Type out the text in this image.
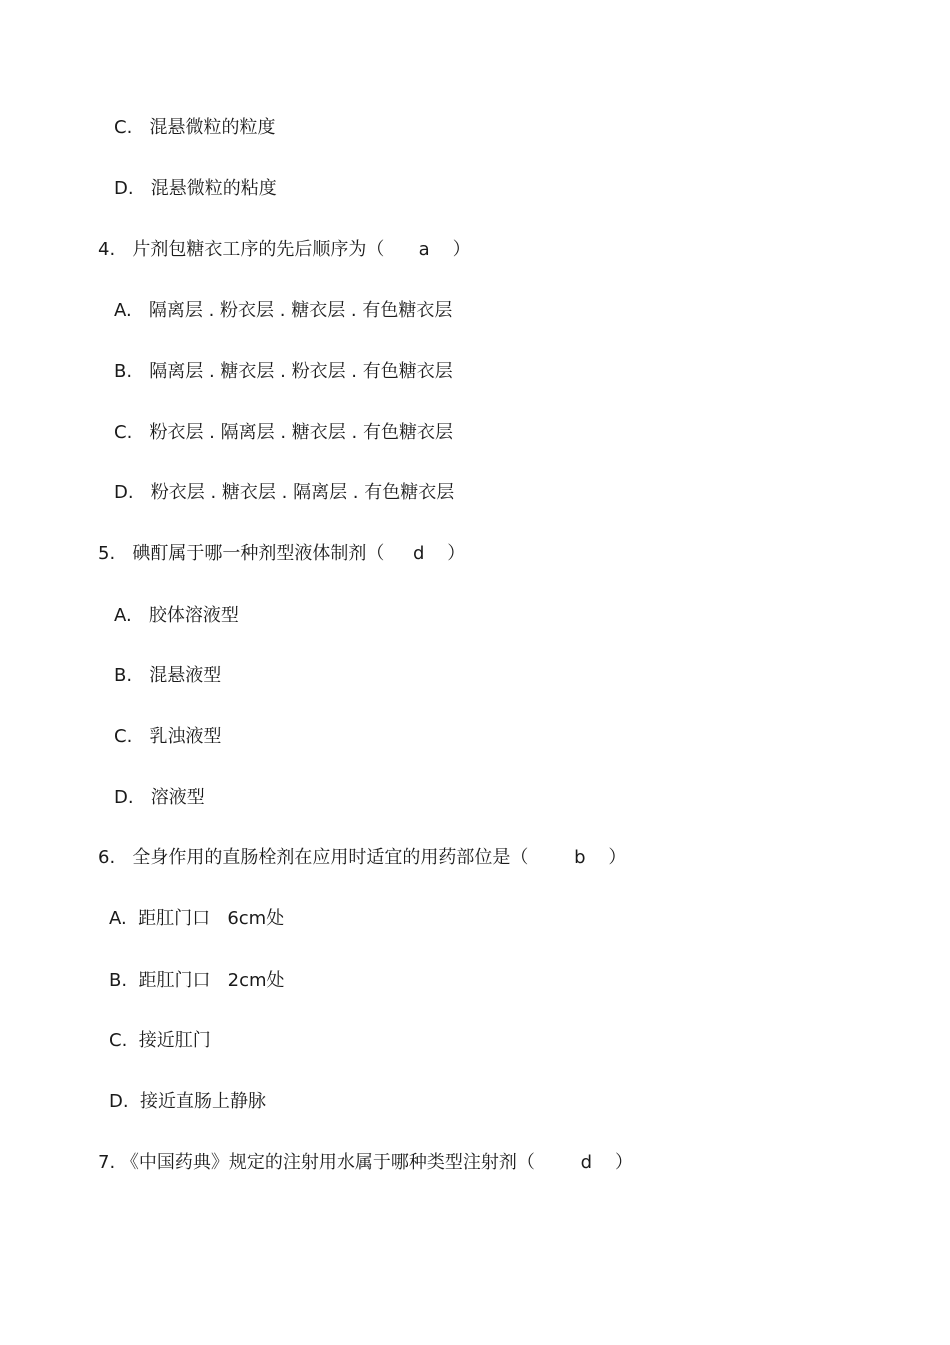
C.   混悬微粒的粒度

D.   混悬微粒的粘度

4.   片剂包糖衣工序的先后顺序为（      a    ）

A.   隔离层 . 粉衣层 . 糖衣层 . 有色糖衣层

B.   隔离层 . 糖衣层 . 粉衣层 . 有色糖衣层

C.   粉衣层 . 隔离层 . 糖衣层 . 有色糖衣层

D.   粉衣层 . 糖衣层 . 隔离层 . 有色糖衣层

5.   碘酊属于哪一种剂型液体制剂（     d    ）

A.   胶体溶液型

B.   混悬液型

C.   乳浊液型

D.   溶液型

6.   全身作用的直肠栓剂在应用时适宜的用药部位是（        b    ）

A.  距肛门口   6cm处

B.  距肛门口   2cm处

C.  接近肛门

D.  接近直肠上静脉

7. 《中国药典》规定的注射用水属于哪种类型注射剂（        d    ）
